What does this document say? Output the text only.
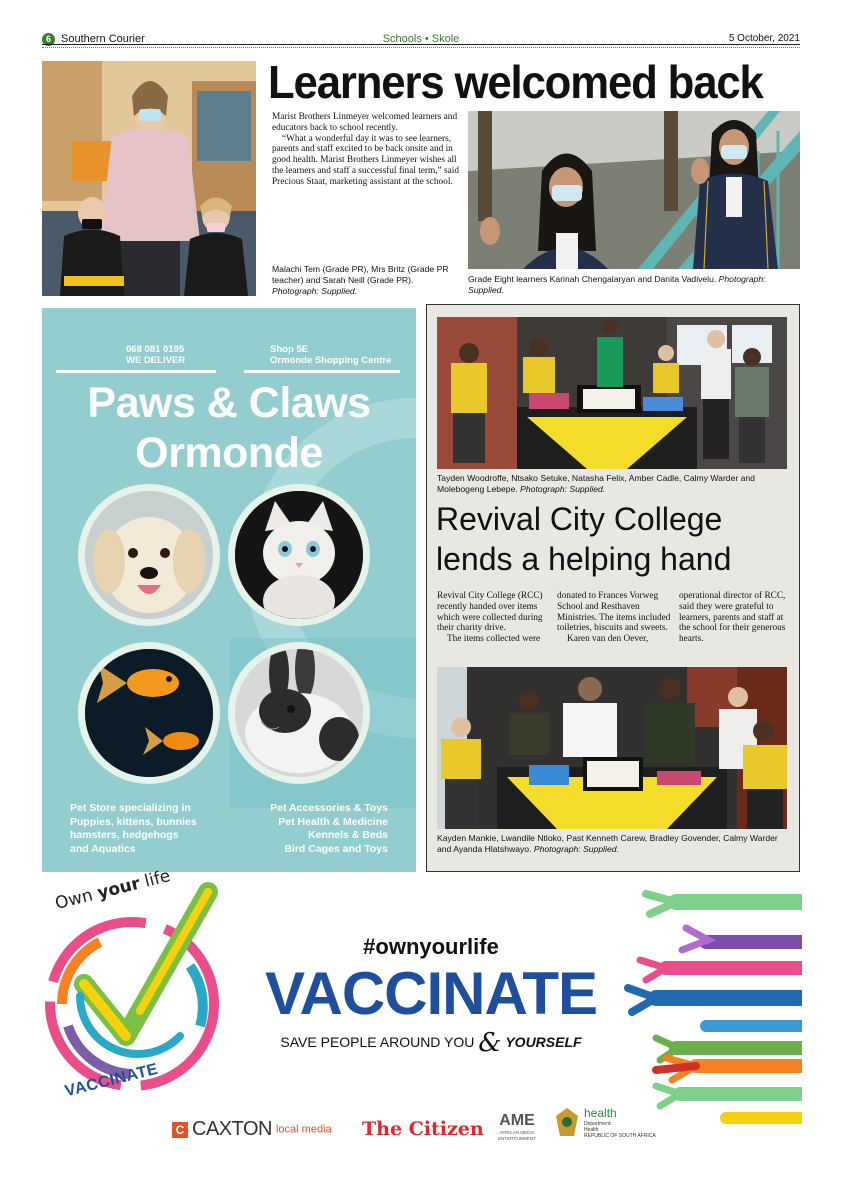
6 Southern Courier	Schools • Skole	5 October, 2021
Learners welcomed back

Marist Brothers Linmeyer welcomed learners and educators back to school recently.

“What a wonderful day it was to see learners, parents and staff excited to be back onsite and in good health. Marist Brothers Linmeyer wishes all the learners and staff a successful final term,” said Precious Staat, marketing assistant at the school.

Malachi Tem (Grade PR), Mrs Britz (Grade PR teacher) and Sarah Neill (Grade PR). Photograph: Supplied.
Grade Eight learners Karinah Chengalaryan and Danita Vadivelu. Photograph: Supplied.
068 081 0195
WE DELIVER
Shop 5E
Ormonde Shopping Centre
Paws & Claws
Ormonde
Pet Store specializing in
Puppies, kittens, bunnies
hamsters, hedgehogs
and Aquatics
Pet Accessories & Toys
Pet Health & Medicine
Kennels & Beds
Bird Cages and Toys
Tayden Woodroffe, Ntsako Setuke, Natasha Felix, Amber Cadle, Calmy Warder and Molebogeng Lebepe. Photograph: Supplied.
Revival City College
lends a helping hand

Revival City College (RCC) recently handed over items which were collected during their charity drive.

The items collected were

donated to Frances Vorweg School and Resthaven Ministries. The items included toiletries, biscuits and sweets.

Karen van den Oever,

operational director of RCC, said they were grateful to learners, parents and staff at the school for their generous hearts.

Kayden Mankie, Lwandile Ntloko, Past Kenneth Carew, Bradley Govender, Calmy Warder and Ayanda Hlatshwayo. Photograph: Supplied.
Own your life
VACCINATE
#ownyourlife
VACCINATE
SAVE PEOPLE AROUND YOU & YOURSELF
C CAXTON local media The Citizen AME
AFRICAN MEDIA ENTERTAINMENT
health
Department:
Health
REPUBLIC OF SOUTH AFRICA
